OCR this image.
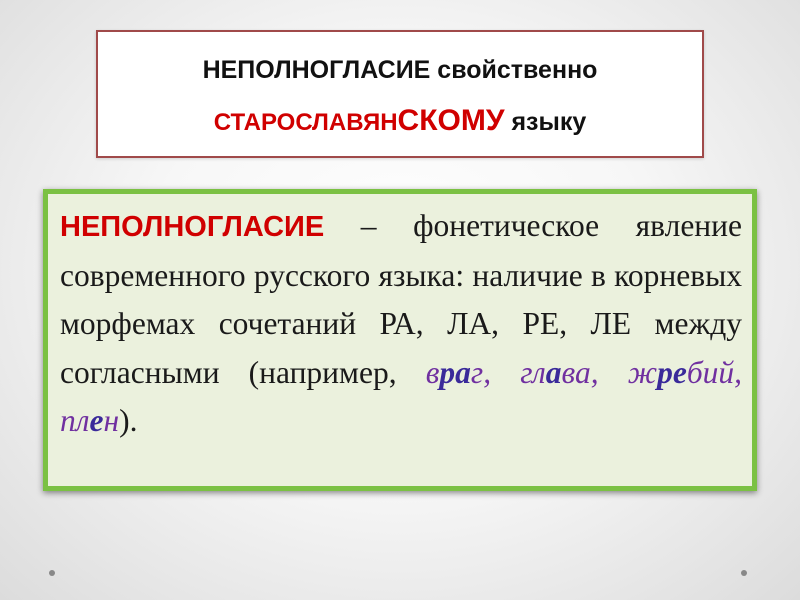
НЕПОЛНОГЛАСИЕ свойственно
СТАРОСЛАВЯНСКОМУ языку
НЕПОЛНОГЛАСИЕ – фонетическое явление современного русского языка: наличие в корневых морфемах сочетаний РА, ЛА, РЕ, ЛЕ между согласными (например, враг, глава, жребий, плен).
